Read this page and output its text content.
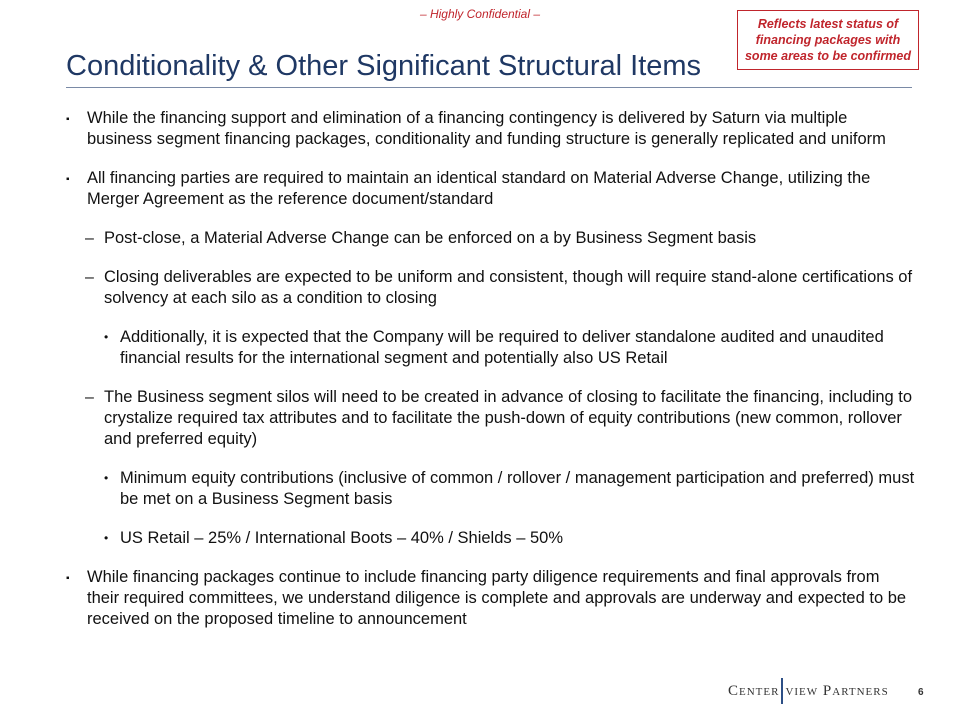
– Highly Confidential –
Reflects latest status of financing packages with some areas to be confirmed
Conditionality & Other Significant Structural Items
▪ While the financing support and elimination of a financing contingency is delivered by Saturn via multiple business segment financing packages, conditionality and funding structure is generally replicated and uniform
▪ All financing parties are required to maintain an identical standard on Material Adverse Change, utilizing the Merger Agreement as the reference document/standard
– Post-close, a Material Adverse Change can be enforced on a by Business Segment basis
– Closing deliverables are expected to be uniform and consistent, though will require stand-alone certifications of solvency at each silo as a condition to closing
• Additionally, it is expected that the Company will be required to deliver standalone audited and unaudited financial results for the international segment and potentially also US Retail
– The Business segment silos will need to be created in advance of closing to facilitate the financing, including to crystalize required tax attributes and to facilitate the push-down of equity contributions (new common, rollover and preferred equity)
• Minimum equity contributions (inclusive of common / rollover / management participation and preferred) must be met on a Business Segment basis
• US Retail – 25% / International Boots – 40% / Shields – 50%
▪ While financing packages continue to include financing party diligence requirements and final approvals from their required committees, we understand diligence is complete and approvals are underway and expected to be received on the proposed timeline to announcement
Center view Partners	6
